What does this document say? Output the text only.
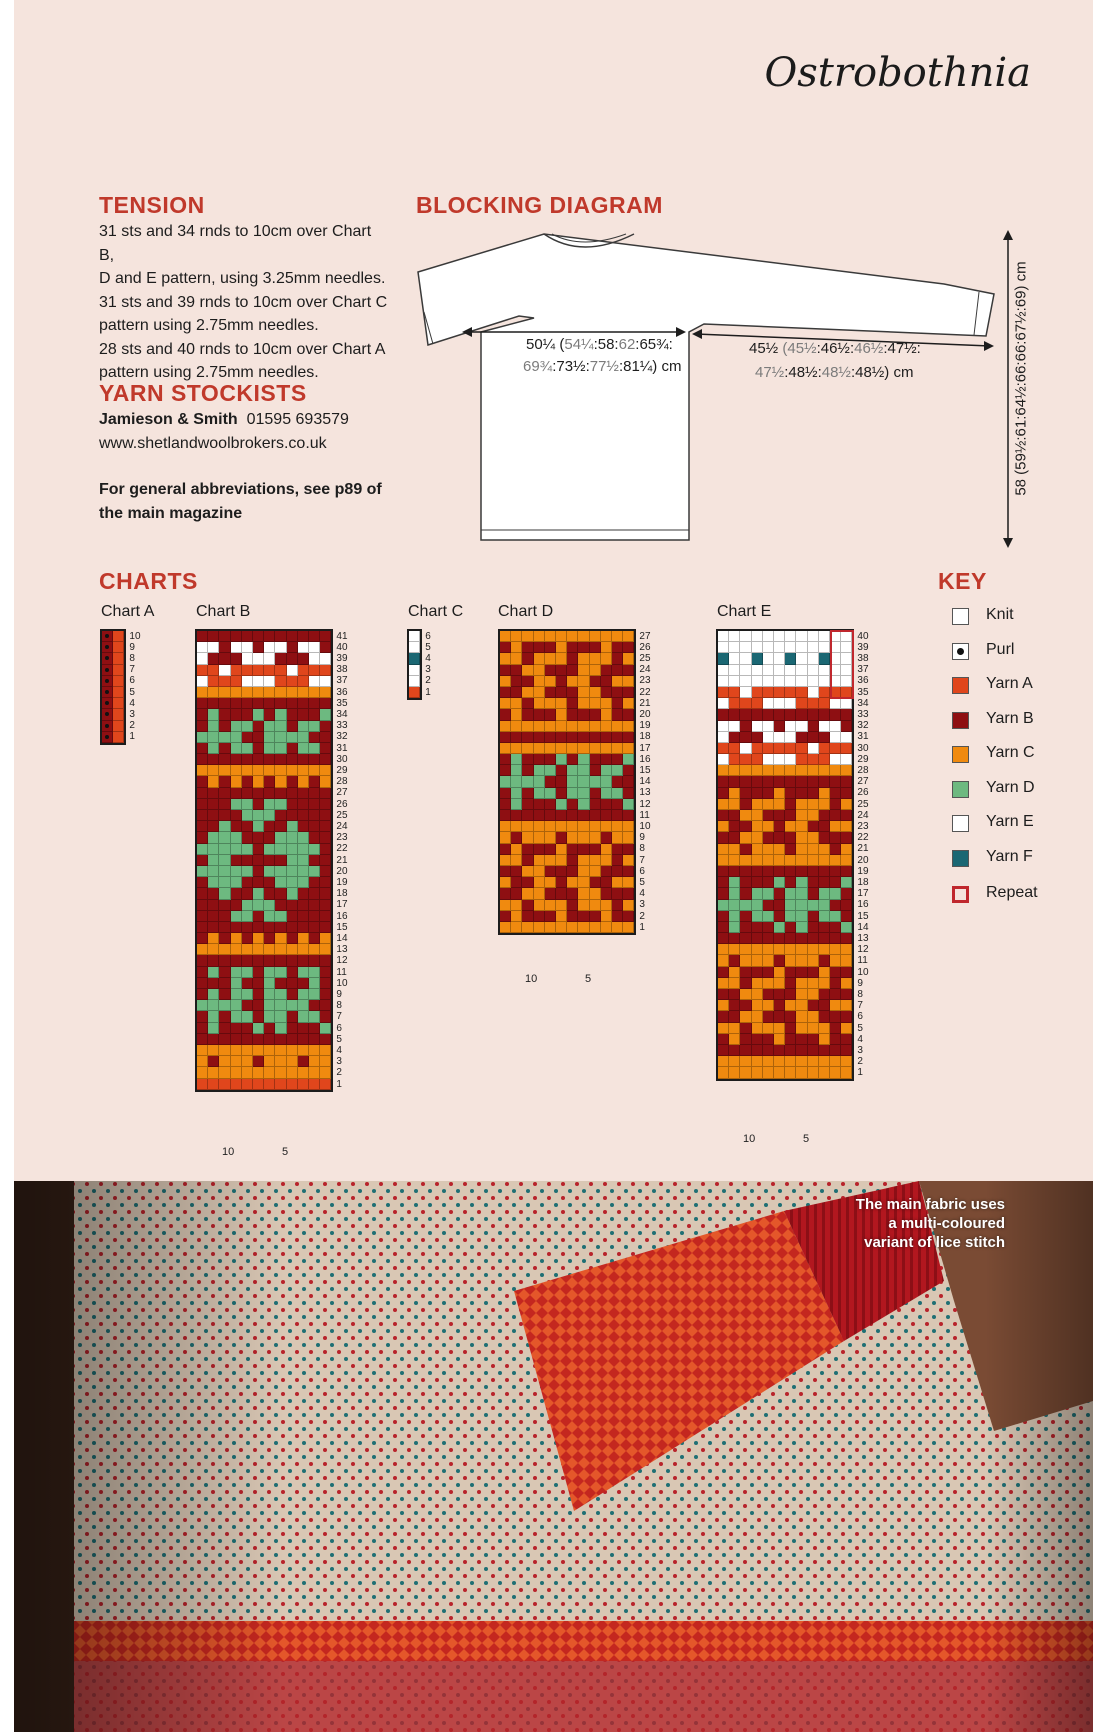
Ostrobothnia
TENSION

31 sts and 34 rnds to 10cm over Chart B,

D and E pattern, using 3.25mm needles.

31 sts and 39 rnds to 10cm over Chart C

pattern using 2.75mm needles.

28 sts and 40 rnds to 10cm over Chart A

pattern using 2.75mm needles.

YARN STOCKISTS

Jamieson & Smith 01595 693579

www.shetlandwoolbrokers.co.uk

For general abbreviations, see p89 of

the main magazine

BLOCKING DIAGRAM
50¼ (54¼:58:62:65¾:
69¾:73½:77½:81¼) cm
45½ (45½:46½:46½:47½:
47½:48½:48½:48½) cm	58 (59½:61:64½:66:66:67½:69) cm
CHARTS
Chart A	Chart B	Chart C Chart D	Chart E
10
9
8
7
6
5
4
3
2
1
41
40
39
38
37
36
35
34
33
32
31
30
29
28
27
26
25
24
23
22
21
20
19
18
17
16
15
14
13
12
11
10
9
8
7
6
5
4
3
2
1
6
5
4
3
2
1
27
26
25
24
23
22
21
20
19
18
17
16
15
14
13
12
11
10
9
8
7
6
5
4
3
2
1
40
39
38
37
36
35
34
33
32
31
30
29
28
27
26
25
24
23
22
21
20
19
18
17
16
15
14
13
12
11
10
9
8
7
6
5
4
3
2
1
10	5
10	5
10	5
KEY
Knit
Purl
Yarn A
Yarn B
Yarn C
Yarn D
Yarn E
Yarn F
Repeat
The main fabric uses
a multi-coloured
variant of lice stitch
